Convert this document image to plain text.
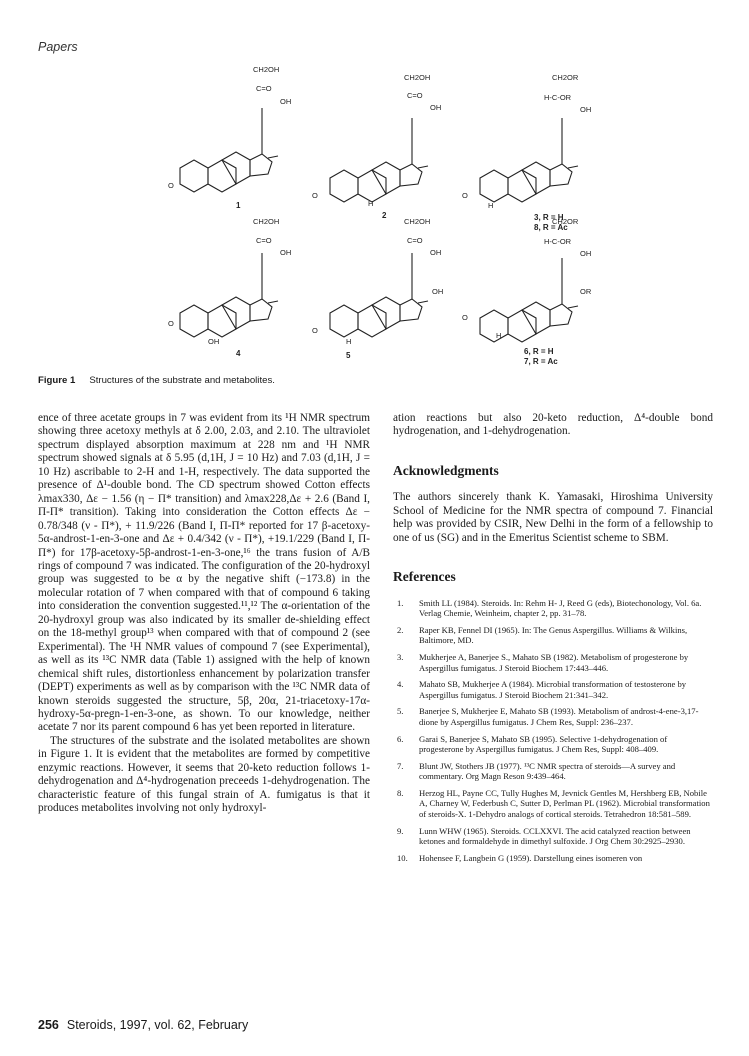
Papers
CH2OH
C=O
OH
O
1
CH2OH
C=O
OH
O
H
2
CH2OR
H-C-OR
OH
O
H
3, R = H
8, R = Ac
CH2OH
C=O
OH
O
OH
4
CH2OH
C=O
OH
OH
O
H
5
CH2OR
H-C-OR
OH
OR
O
H
6, R = H
7, R = Ac
Figure 1 Structures of the substrate and metabolites.

ence of three acetate groups in 7 was evident from its ¹H NMR spectrum showing three acetoxy methyls at δ 2.00, 2.03, and 2.10. The ultraviolet spectrum displayed absorption maximum at 228 nm and ¹H NMR spectrum showed signals at δ 5.95 (d,1H, J = 10 Hz) and 7.03 (d,1H, J = 10 Hz) ascribable to 2-H and 1-H, respectively. The data supported the presence of Δ¹-double bond. The CD spectrum showed Cotton effects λmax330, Δε − 1.56 (η − Π* transition) and λmax228,Δε + 2.6 (Band I, Π-Π* transition). Taking into consideration the Cotton effects Δε − 0.78/348 (ν - Π*), + 11.9/226 (Band I, Π-Π* reported for 17 β-acetoxy-5α-androst-1-en-3-one and Δε + 0.4/342 (ν - Π*), +19.1/229 (Band I, Π-Π*) for 17β-acetoxy-5β-androst-1-en-3-one,¹⁶ the trans fusion of A/B rings of compound 7 was indicated. The configuration of the 20-hydroxyl group was suggested to be α by the negative shift (−173.8) in the molecular rotation of 7 when compared with that of compound 6 taking into consideration the convention suggested.¹¹,¹² The α-orientation of the 20-hydroxyl group was also indicated by its smaller de-shielding effect on the 18-methyl group¹³ when compared with that of compound 2 (see Experimental). The ¹H NMR values of compound 7 (see Experimental), as well as its ¹³C NMR data (Table 1) assigned with the help of known chemical shift rules, distortionless enhancement by polarization transfer (DEPT) experiments as well as by comparison with the ¹³C NMR data of known steroids suggested the structure, 5β, 20α, 21-triacetoxy-17α-hydroxy-5α-pregn-1-en-3-one, as shown. To our knowledge, neither acetate 7 nor its parent compound 6 has yet been reported in literature.

The structures of the substrate and the isolated metabolites are shown in Figure 1. It is evident that the metabolites are formed by competitive enzymic reactions. However, it seems that 20-keto reduction follows 1-dehydrogenation and Δ⁴-hydrogenation preceeds 1-dehydrogenation. The characteristic feature of this fungal strain of A. fumigatus is that it produces metabolites involving not only hydroxyl-

ation reactions but also 20-keto reduction, Δ⁴-double bond hydrogenation, and 1-dehydrogenation.

Acknowledgments

The authors sincerely thank K. Yamasaki, Hiroshima University School of Medicine for the NMR spectra of compound 7. Financial help was provided by CSIR, New Delhi in the form of a fellowship to one of us (SG) and in the Emeritus Scientist scheme to SBM.

References
1.	Smith LL (1984). Steroids. In: Rehm H- J, Reed G (eds), Biotechonology, Vol. 6a. Verlag Chemie, Weinheim, chapter 2, pp. 31–78.
2.	Raper KB, Fennel DI (1965). In: The Genus Aspergillus. Williams & Wilkins, Baltimore, MD.
3.	Mukherjee A, Banerjee S., Mahato SB (1982). Metabolism of progesterone by Aspergillus fumigatus. J Steroid Biochem 17:443–446.
4.	Mahato SB, Mukherjee A (1984). Microbial transformation of testosterone by Aspergillus fumigatus. J Steroid Biochem 21:341–342.
5.	Banerjee S, Mukherjee E, Mahato SB (1993). Metabolism of androst-4-ene-3,17-dione by Aspergillus fumigatus. J Chem Res, Suppl: 236–237.
6.	Garai S, Banerjee S, Mahato SB (1995). Selective 1-dehydrogenation of progesterone by Aspergillus fumigatus. J Chem Res, Suppl: 408–409.
7.	Blunt JW, Stothers JB (1977). ¹³C NMR spectra of steroids—A survey and commentary. Org Magn Reson 9:439–464.
8.	Herzog HL, Payne CC, Tully Hughes M, Jevnick Gentles M, Hershberg EB, Nobile A, Charney W, Federbush C, Sutter D, Perlman PL (1962). Microbial transformation of steroids-X. 1-Dehydro analogs of cortical steroids. Tetrahedron 18:581–589.
9.	Lunn WHW (1965). Steroids. CCLXXVI. The acid catalyzed reaction between ketones and formaldehyde in dimethyl sulfoxide. J Org Chem 30:2925–2930.
10.	Hohensee F, Langbein G (1959). Darstellung eines isomeren von
256 Steroids, 1997, vol. 62, February
